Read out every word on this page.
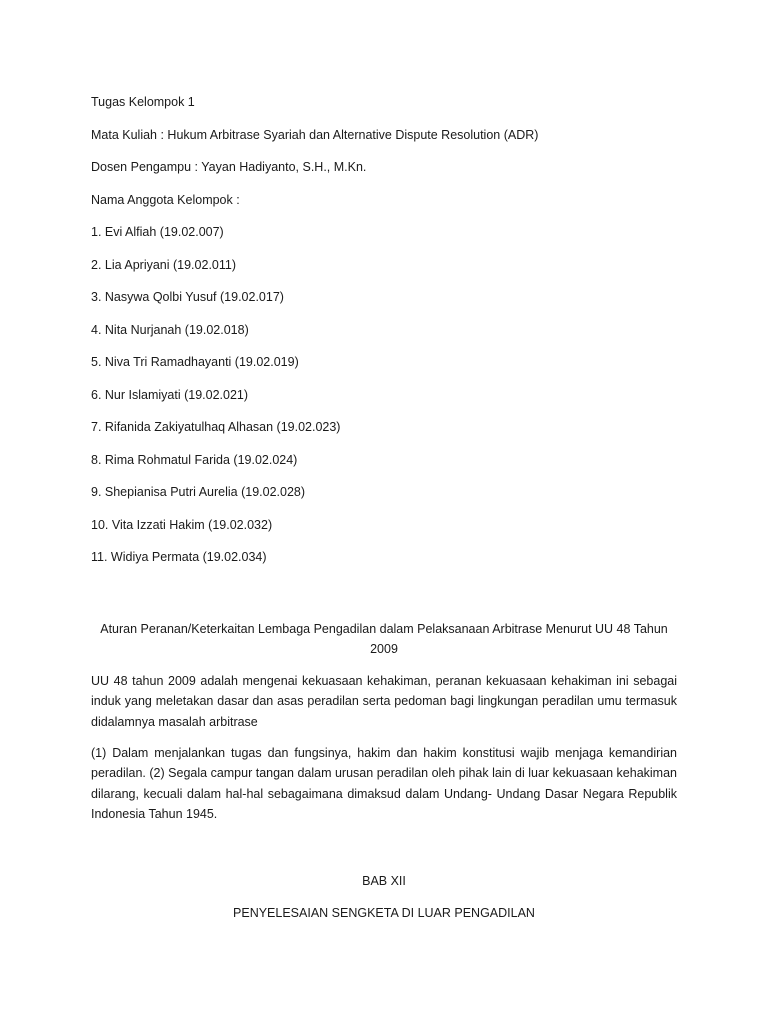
Tugas Kelompok 1

Mata Kuliah : Hukum Arbitrase Syariah dan Alternative Dispute Resolution (ADR)

Dosen Pengampu : Yayan Hadiyanto, S.H., M.Kn.

Nama Anggota Kelompok :

1. Evi Alfiah (19.02.007)
2. Lia Apriyani (19.02.011)
3. Nasywa Qolbi Yusuf (19.02.017)
4. Nita Nurjanah (19.02.018)
5. Niva Tri Ramadhayanti (19.02.019)
6. Nur Islamiyati (19.02.021)
7. Rifanida Zakiyatulhaq Alhasan (19.02.023)
8. Rima Rohmatul Farida (19.02.024)
9. Shepianisa Putri Aurelia (19.02.028)
10. Vita Izzati Hakim (19.02.032)
11. Widiya Permata (19.02.034)
Aturan Peranan/Keterkaitan Lembaga Pengadilan dalam Pelaksanaan Arbitrase Menurut UU 48 Tahun 2009
UU 48 tahun 2009 adalah mengenai kekuasaan kehakiman, peranan kekuasaan kehakiman ini sebagai induk yang meletakan dasar dan asas peradilan serta pedoman bagi lingkungan peradilan umu termasuk didalamnya masalah arbitrase
(1) Dalam menjalankan tugas dan fungsinya, hakim dan hakim konstitusi wajib menjaga kemandirian peradilan. (2) Segala campur tangan dalam urusan peradilan oleh pihak lain di luar kekuasaan kehakiman dilarang, kecuali dalam hal-hal sebagaimana dimaksud dalam Undang- Undang Dasar Negara Republik Indonesia Tahun 1945.
BAB XII
PENYELESAIAN SENGKETA DI LUAR PENGADILAN
